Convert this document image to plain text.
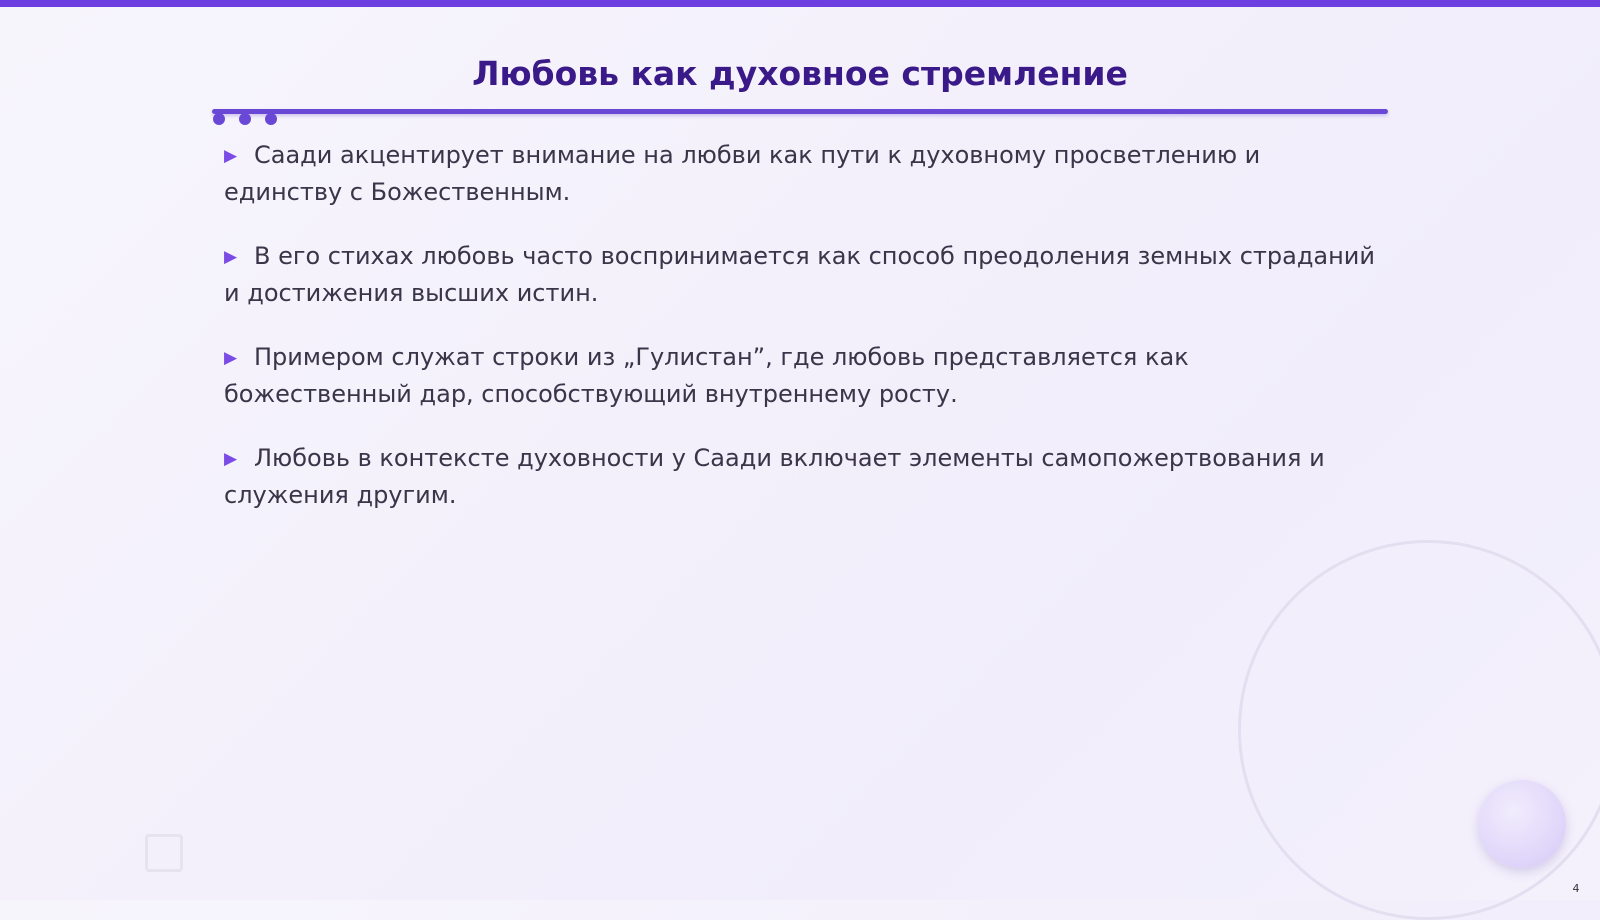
Любовь как духовное стремление
▶ Саади акцентирует внимание на любви как пути к духовному просветлению и единству с Божественным.
▶ В его стихах любовь часто воспринимается как способ преодоления земных страданий и достижения высших истин.
▶ Примером служат строки из „Гулистан”, где любовь представляется как божественный дар, способствующий внутреннему росту.
▶ Любовь в контексте духовности у Саади включает элементы самопожертвования и служения другим.
4
